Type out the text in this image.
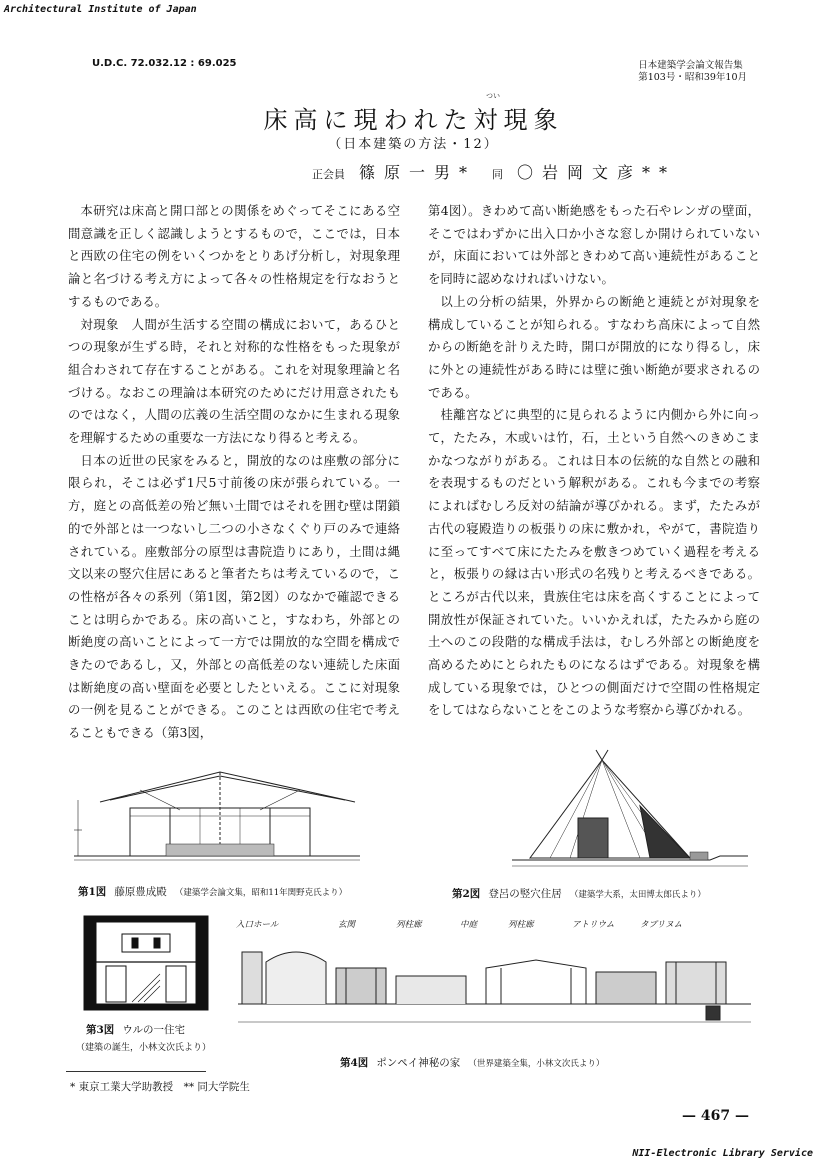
Architectural Institute of Japan
U.D.C. 72.032.12 : 69.025	日本建築学会論文報告集
第103号・昭和39年10月
つい
床高に現われた対現象
（日本建築の方法・12）
正会員 篠原一男* 同 〇岩岡文彦**

本研究は床高と開口部との関係をめぐってそこにある空間意識を正しく認識しようとするもので，ここでは，日本と西欧の住宅の例をいくつかをとりあげ分析し，対現象理論と名づける考え方によって各々の性格規定を行なおうとするものである。

対現象　人間が生活する空間の構成において，あるひとつの現象が生ずる時，それと対称的な性格をもった現象が組合わされて存在することがある。これを対現象理論と名づける。なおこの理論は本研究のためにだけ用意されたものではなく，人間の広義の生活空間のなかに生まれる現象を理解するための重要な一方法になり得ると考える。

日本の近世の民家をみると，開放的なのは座敷の部分に限られ，そこは必ず1尺5寸前後の床が張られている。一方，庭との高低差の殆ど無い土間ではそれを囲む壁は閉鎖的で外部とは一つないし二つの小さなくぐり戸のみで連絡されている。座敷部分の原型は書院造りにあり，土間は縄文以来の竪穴住居にあると筆者たちは考えているので，この性格が各々の系列（第1図，第2図）のなかで確認できることは明らかである。床の高いこと，すなわち，外部との断絶度の高いことによって一方では開放的な空間を構成できたのであるし，又，外部との高低差のない連続した床面は断絶度の高い壁面を必要としたといえる。ここに対現象の一例を見ることができる。このことは西欧の住宅で考えることもできる（第3図，

第4図）。きわめて高い断絶感をもった石やレンガの壁面，そこではわずかに出入口か小さな窓しか開けられていないが，床面においては外部ときわめて高い連続性があることを同時に認めなければいけない。

以上の分析の結果，外界からの断絶と連続とが対現象を構成していることが知られる。すなわち高床によって自然からの断絶を計りえた時，開口が開放的になり得るし，床に外との連続性がある時には壁に強い断絶が要求されるのである。

桂離宮などに典型的に見られるように内側から外に向って，たたみ，木或いは竹，石，土という自然へのきめこまかなつながりがある。これは日本の伝統的な自然との融和を表現するものだという解釈がある。これも今までの考察によればむしろ反対の結論が導びかれる。まず，たたみが古代の寝殿造りの板張りの床に敷かれ，やがて，書院造りに至ってすべて床にたたみを敷きつめていく過程を考えると，板張りの縁は古い形式の名残りと考えるべきである。ところが古代以来，貴族住宅は床を高くすることによって開放性が保証されていた。いいかえれば，たたみから庭の土へのこの段階的な構成手法は，むしろ外部との断絶度を高めるためにとられたものになるはずである。対現象を構成している現象では，ひとつの側面だけで空間の性格規定をしてはならないことをこのような考察から導びかれる。

第1図 藤原豊成殿 （建築学会論文集，昭和11年関野克氏より）	第2図 登呂の竪穴住居 （建築学大系，太田博太郎氏より）
第3図 ウルの一住宅
（建築の誕生，小林文次氏より）
入口ホール	玄関	列柱廊	中庭	列柱廊	アトリウム	タブリヌム
第4図 ポンペイ神秘の家 （世界建築全集，小林文次氏より）
* 東京工業大学助教授　** 同大学院生
— 467 —
NII-Electronic Library Service
